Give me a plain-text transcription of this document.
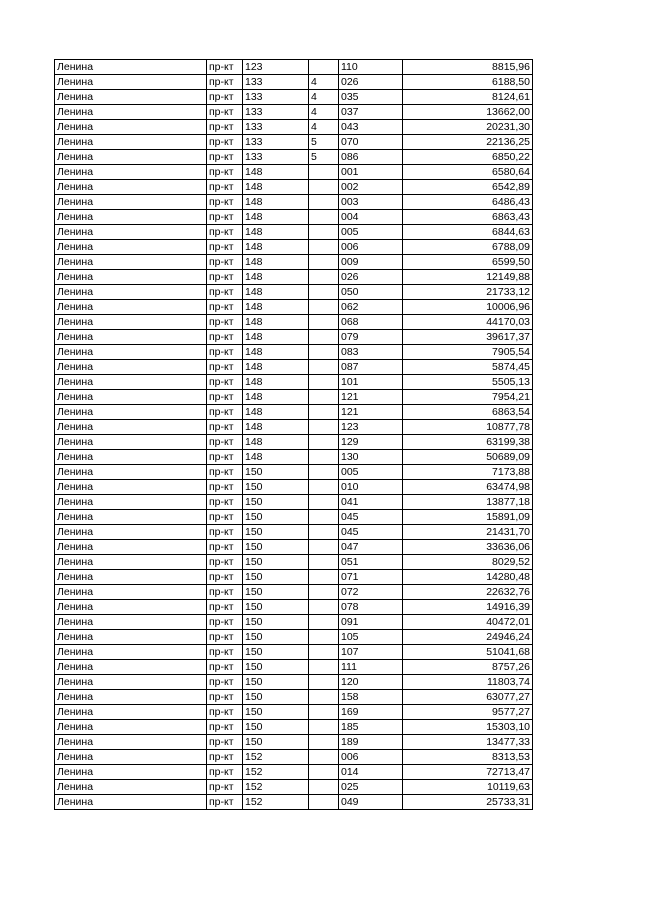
Ленина	пр-кт	123		110	8815,96
Ленина	пр-кт	133	4	026	6188,50
Ленина	пр-кт	133	4	035	8124,61
Ленина	пр-кт	133	4	037	13662,00
Ленина	пр-кт	133	4	043	20231,30
Ленина	пр-кт	133	5	070	22136,25
Ленина	пр-кт	133	5	086	6850,22
Ленина	пр-кт	148		001	6580,64
Ленина	пр-кт	148		002	6542,89
Ленина	пр-кт	148		003	6486,43
Ленина	пр-кт	148		004	6863,43
Ленина	пр-кт	148		005	6844,63
Ленина	пр-кт	148		006	6788,09
Ленина	пр-кт	148		009	6599,50
Ленина	пр-кт	148		026	12149,88
Ленина	пр-кт	148		050	21733,12
Ленина	пр-кт	148		062	10006,96
Ленина	пр-кт	148		068	44170,03
Ленина	пр-кт	148		079	39617,37
Ленина	пр-кт	148		083	7905,54
Ленина	пр-кт	148		087	5874,45
Ленина	пр-кт	148		101	5505,13
Ленина	пр-кт	148		121	7954,21
Ленина	пр-кт	148		121	6863,54
Ленина	пр-кт	148		123	10877,78
Ленина	пр-кт	148		129	63199,38
Ленина	пр-кт	148		130	50689,09
Ленина	пр-кт	150		005	7173,88
Ленина	пр-кт	150		010	63474,98
Ленина	пр-кт	150		041	13877,18
Ленина	пр-кт	150		045	15891,09
Ленина	пр-кт	150		045	21431,70
Ленина	пр-кт	150		047	33636,06
Ленина	пр-кт	150		051	8029,52
Ленина	пр-кт	150		071	14280,48
Ленина	пр-кт	150		072	22632,76
Ленина	пр-кт	150		078	14916,39
Ленина	пр-кт	150		091	40472,01
Ленина	пр-кт	150		105	24946,24
Ленина	пр-кт	150		107	51041,68
Ленина	пр-кт	150		111	8757,26
Ленина	пр-кт	150		120	11803,74
Ленина	пр-кт	150		158	63077,27
Ленина	пр-кт	150		169	9577,27
Ленина	пр-кт	150		185	15303,10
Ленина	пр-кт	150		189	13477,33
Ленина	пр-кт	152		006	8313,53
Ленина	пр-кт	152		014	72713,47
Ленина	пр-кт	152		025	10119,63
Ленина	пр-кт	152		049	25733,31
